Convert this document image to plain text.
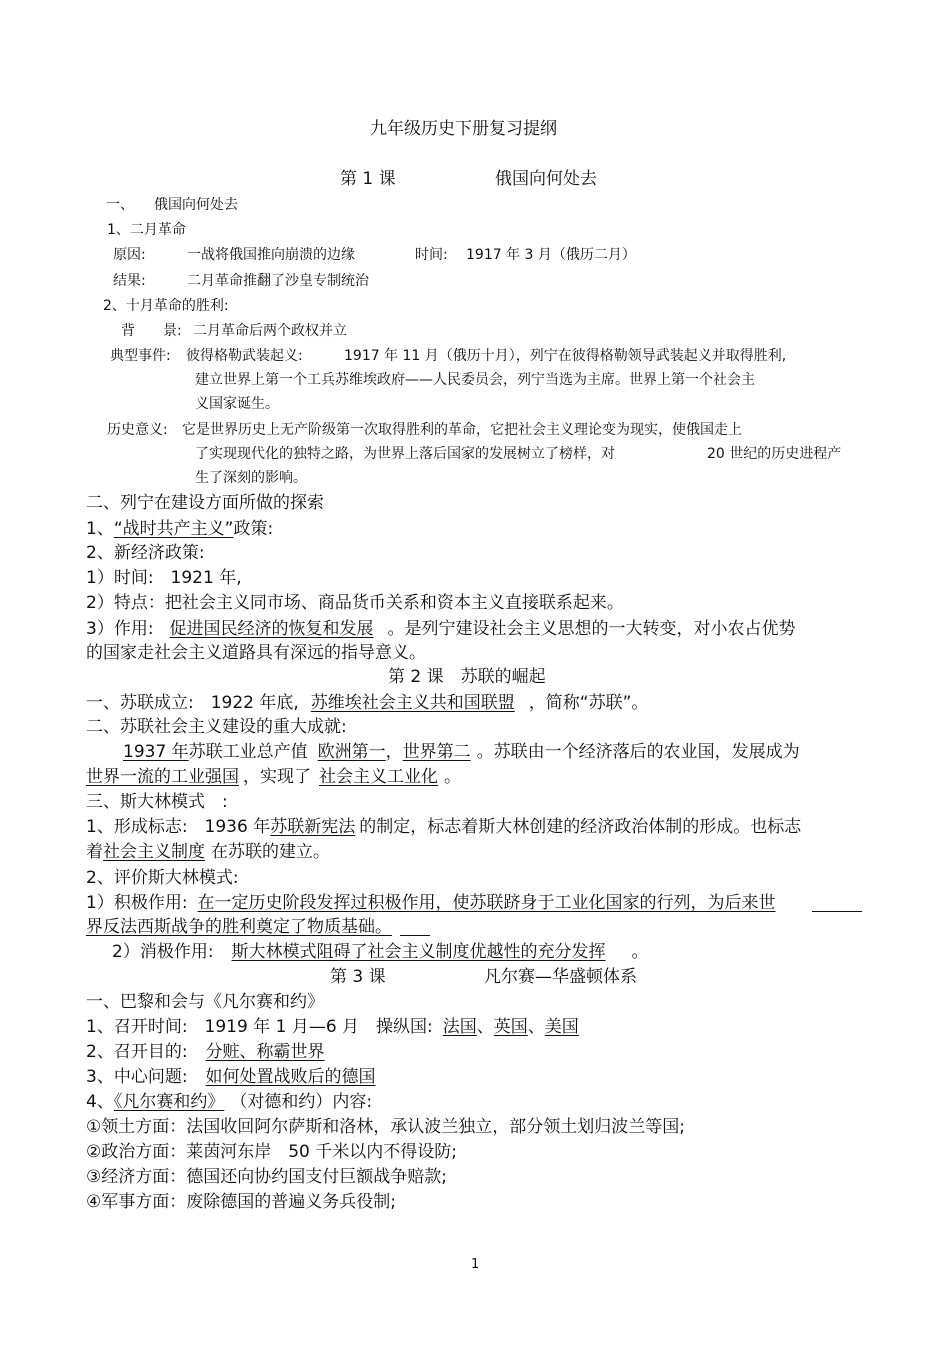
九年级历史下册复习提纲
第 1 课	俄国向何处去
一、 俄国向何处去
1、二月革命
原因:	一战将俄国推向崩溃的边缘	时间: 1917 年 3 月（俄历二月）
结果:	二月革命推翻了沙皇专制统治
2、十月革命的胜利:
背　　景: 二月革命后两个政权并立
典型事件: 彼得格勒武装起义:	1917 年 11 月（俄历十月），列宁在彼得格勒领导武装起义并取得胜利,
建立世界上第一个工兵苏维埃政府——人民委员会，列宁当选为主席。世界上第一个社会主
义国家诞生。
历史意义: 它是世界历史上无产阶级第一次取得胜利的革命，它把社会主义理论变为现实，使俄国走上
了实现现代化的独特之路，为世界上落后国家的发展树立了榜样，对	20 世纪的历史进程产
生了深刻的影响。
二、列宁在建设方面所做的探索
1、“战时共产主义”政策:
2、新经济政策:
1）时间:　1921 年,
2）特点：把社会主义同市场、商品货币关系和资本主义直接联系起来。
3）作用: 促进国民经济的恢复和发展 。是列宁建设社会主义思想的一大转变，对小农占优势
的国家走社会主义道路具有深远的指导意义。
第 2 课　苏联的崛起
一、苏联成立:　1922 年底, 苏维埃社会主义共和国联盟 ，简称“苏联”。
二、苏联社会主义建设的重大成就:
1937 年苏联工业总产值 欧洲第一，世界第二 。苏联由一个经济落后的农业国，发展成为
世界一流的工业强国 ，实现了 社会主义工业化 。
三、斯大林模式　:
1、形成标志:　1936 年苏联新宪法 的制定，标志着斯大林创建的经济政治体制的形成。也标志
着社会主义制度 在苏联的建立。
2、评价斯大林模式:
1）积极作用: 在一定历史阶段发挥过积极作用，使苏联跻身于工业化国家的行列，为后来世
界反法西斯战争的胜利奠定了物质基础。
2）消极作用: 斯大林模式阻碍了社会主义制度优越性的充分发挥 。
第 3 课	凡尔赛—华盛顿体系
一、巴黎和会与《凡尔赛和约》
1、召开时间:　1919 年 1 月—6 月　操纵国: 法国、英国、美国
2、召开目的: 分赃、称霸世界
3、中心问题: 如何处置战败后的德国
4、《凡尔赛和约》 （对德和约）内容:
①领土方面：法国收回阿尔萨斯和洛林，承认波兰独立，部分领土划归波兰等国;
②政治方面：莱茵河东岸　50 千米以内不得设防;
③经济方面：德国还向协约国支付巨额战争赔款;
④军事方面：废除德国的普遍义务兵役制;
1
